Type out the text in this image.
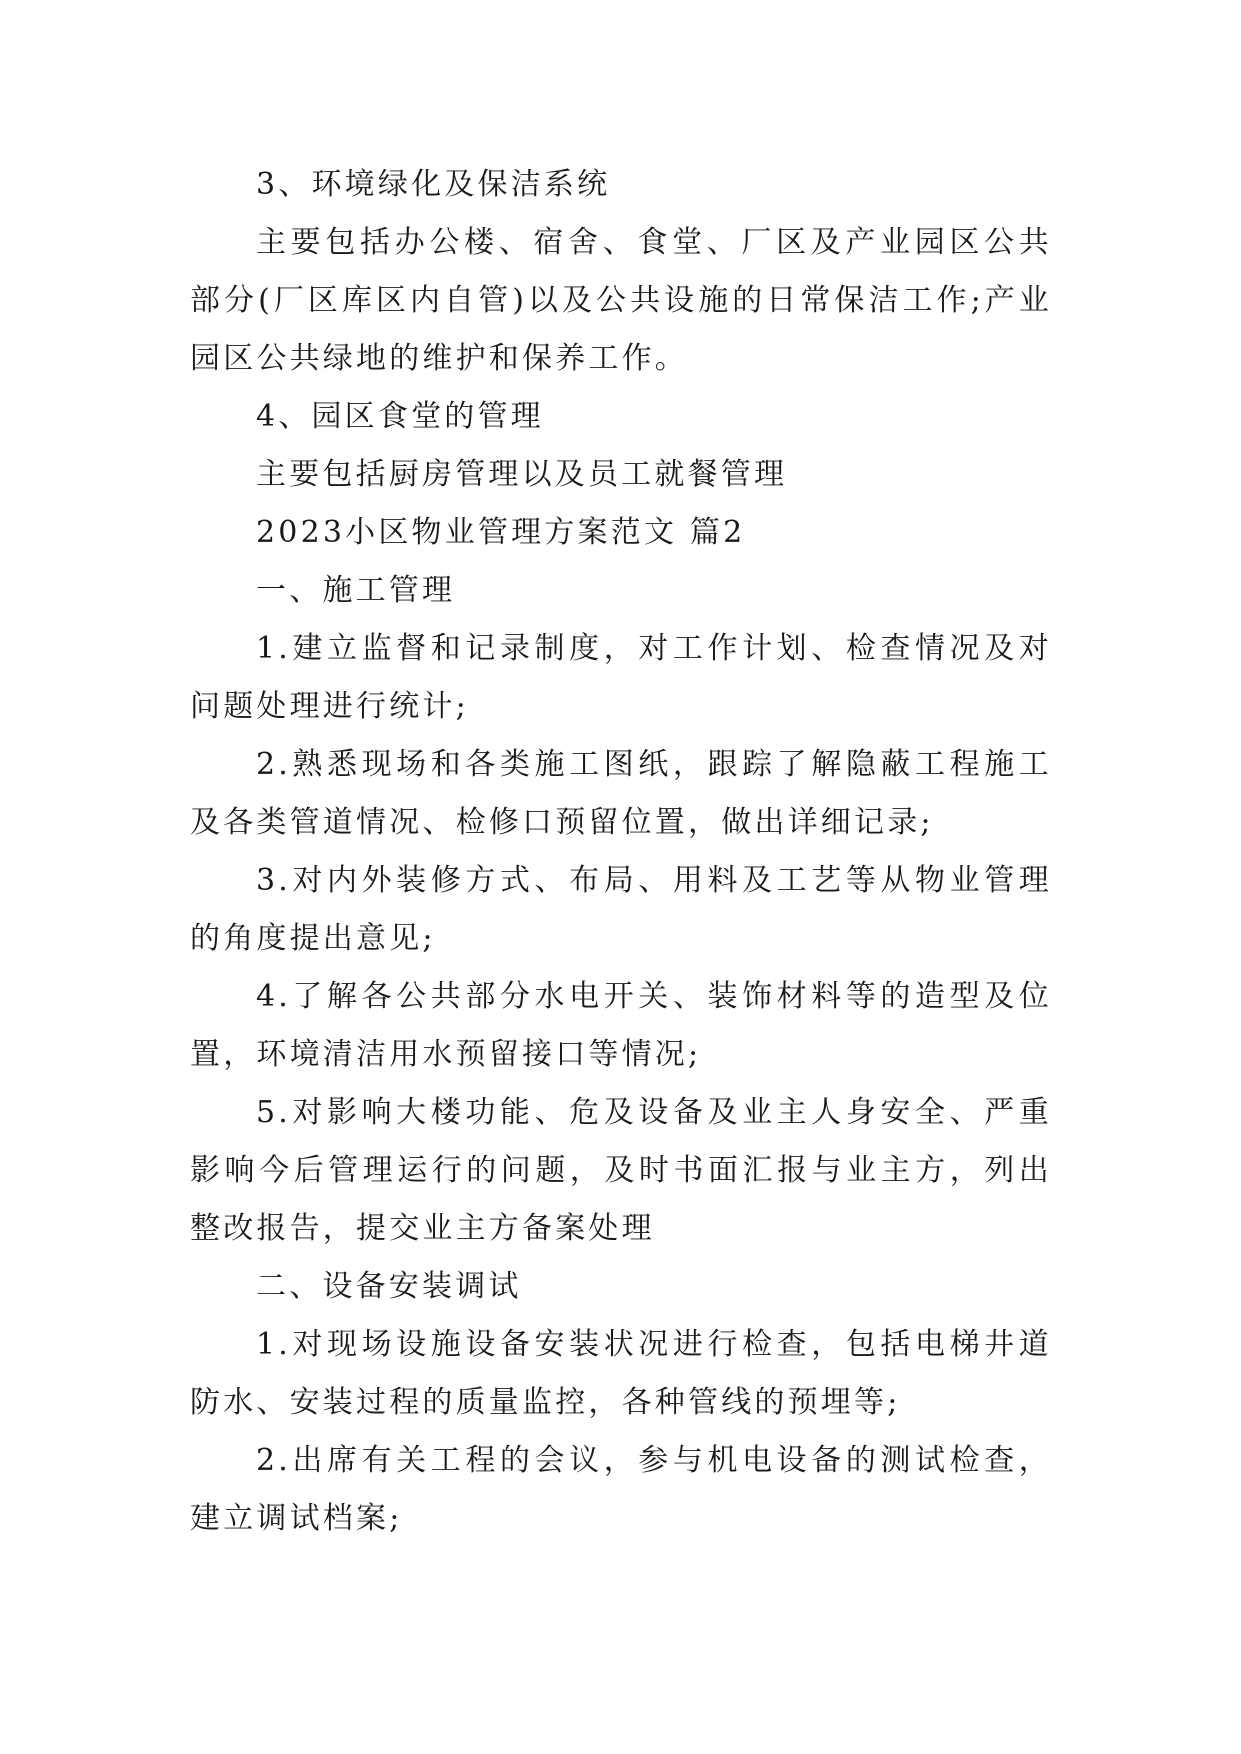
3、环境绿化及保洁系统

主要包括办公楼、宿舍、食堂、厂区及产业园区公共部分(厂区库区内自管)以及公共设施的日常保洁工作;产业园区公共绿地的维护和保养工作。

4、园区食堂的管理

主要包括厨房管理以及员工就餐管理

2023小区物业管理方案范文 篇2

一、施工管理

1.建立监督和记录制度，对工作计划、检查情况及对问题处理进行统计;

2.熟悉现场和各类施工图纸，跟踪了解隐蔽工程施工及各类管道情况、检修口预留位置，做出详细记录;

3.对内外装修方式、布局、用料及工艺等从物业管理的角度提出意见;

4.了解各公共部分水电开关、装饰材料等的造型及位置，环境清洁用水预留接口等情况;

5.对影响大楼功能、危及设备及业主人身安全、严重影响今后管理运行的问题，及时书面汇报与业主方，列出整改报告，提交业主方备案处理

二、设备安装调试

1.对现场设施设备安装状况进行检查，包括电梯井道防水、安装过程的质量监控，各种管线的预埋等;

2.出席有关工程的会议，参与机电设备的测试检查，建立调试档案;
